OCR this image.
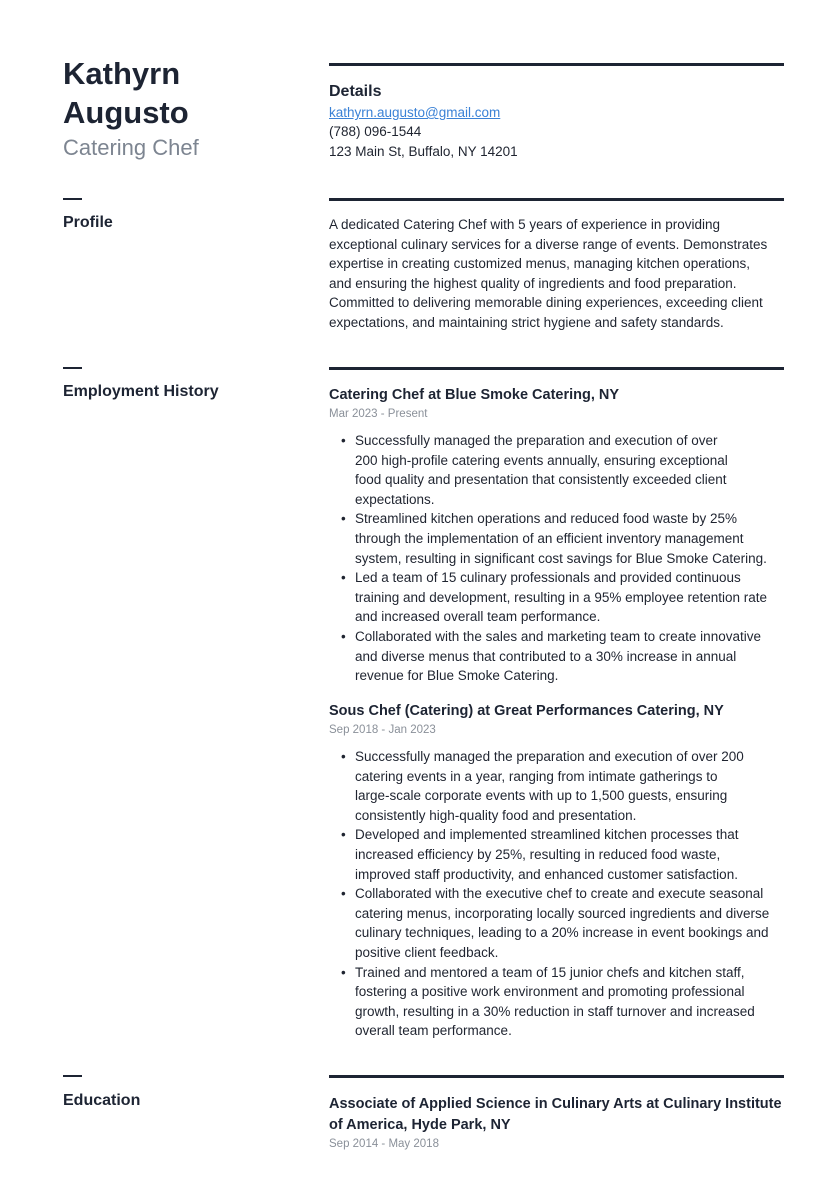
Kathyrn
Augusto
Catering Chef
Details
kathyrn.augusto@gmail.com
(788) 096-1544
123 Main St, Buffalo, NY 14201
Profile	A dedicated Catering Chef with 5 years of experience in providing
exceptional culinary services for a diverse range of events. Demonstrates
expertise in creating customized menus, managing kitchen operations,
and ensuring the highest quality of ingredients and food preparation.
Committed to delivering memorable dining experiences, exceeding client
expectations, and maintaining strict hygiene and safety standards.
Employment History	Catering Chef at Blue Smoke Catering, NY
Mar 2023 - Present
• Successfully managed the preparation and execution of over
200 high-profile catering events annually, ensuring exceptional
food quality and presentation that consistently exceeded client
expectations.
• Streamlined kitchen operations and reduced food waste by 25%
through the implementation of an efficient inventory management
system, resulting in significant cost savings for Blue Smoke Catering.
• Led a team of 15 culinary professionals and provided continuous
training and development, resulting in a 95% employee retention rate
and increased overall team performance.
• Collaborated with the sales and marketing team to create innovative
and diverse menus that contributed to a 30% increase in annual
revenue for Blue Smoke Catering.
Sous Chef (Catering) at Great Performances Catering, NY
Sep 2018 - Jan 2023
• Successfully managed the preparation and execution of over 200
catering events in a year, ranging from intimate gatherings to
large-scale corporate events with up to 1,500 guests, ensuring
consistently high-quality food and presentation.
• Developed and implemented streamlined kitchen processes that
increased efficiency by 25%, resulting in reduced food waste,
improved staff productivity, and enhanced customer satisfaction.
• Collaborated with the executive chef to create and execute seasonal
catering menus, incorporating locally sourced ingredients and diverse
culinary techniques, leading to a 20% increase in event bookings and
positive client feedback.
• Trained and mentored a team of 15 junior chefs and kitchen staff,
fostering a positive work environment and promoting professional
growth, resulting in a 30% reduction in staff turnover and increased
overall team performance.
Education	Associate of Applied Science in Culinary Arts at Culinary Institute
of America, Hyde Park, NY
Sep 2014 - May 2018
